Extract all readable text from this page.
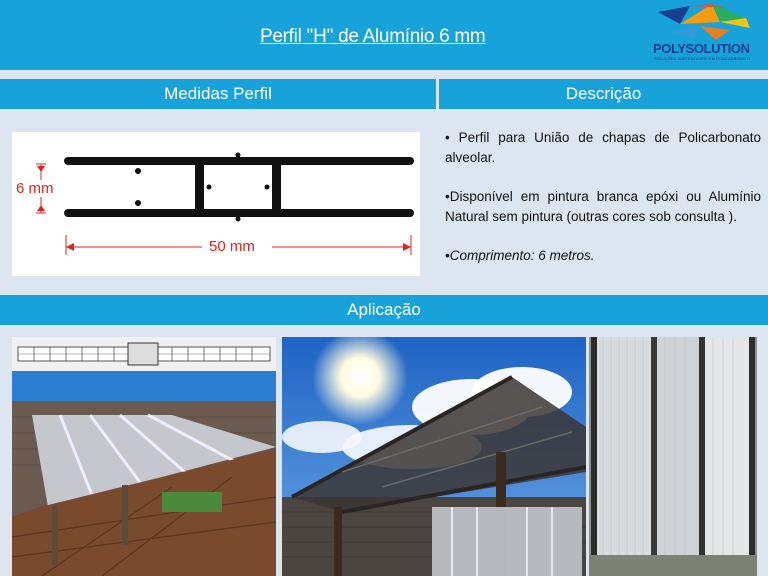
Perfil ''H'' de Alumínio 6 mm
POLYSOLUTION
SOLUÇÕES SUSTENTÁVEIS EM POLICARBONATO
Medidas Perfil	Descrição
6 mm
50 mm

• Perfil para União de chapas de Policarbonato alveolar.

•Disponível em pintura branca epóxi ou Alumínio Natural sem pintura (outras cores sob consulta ).

•Comprimento: 6 metros.

Aplicação
